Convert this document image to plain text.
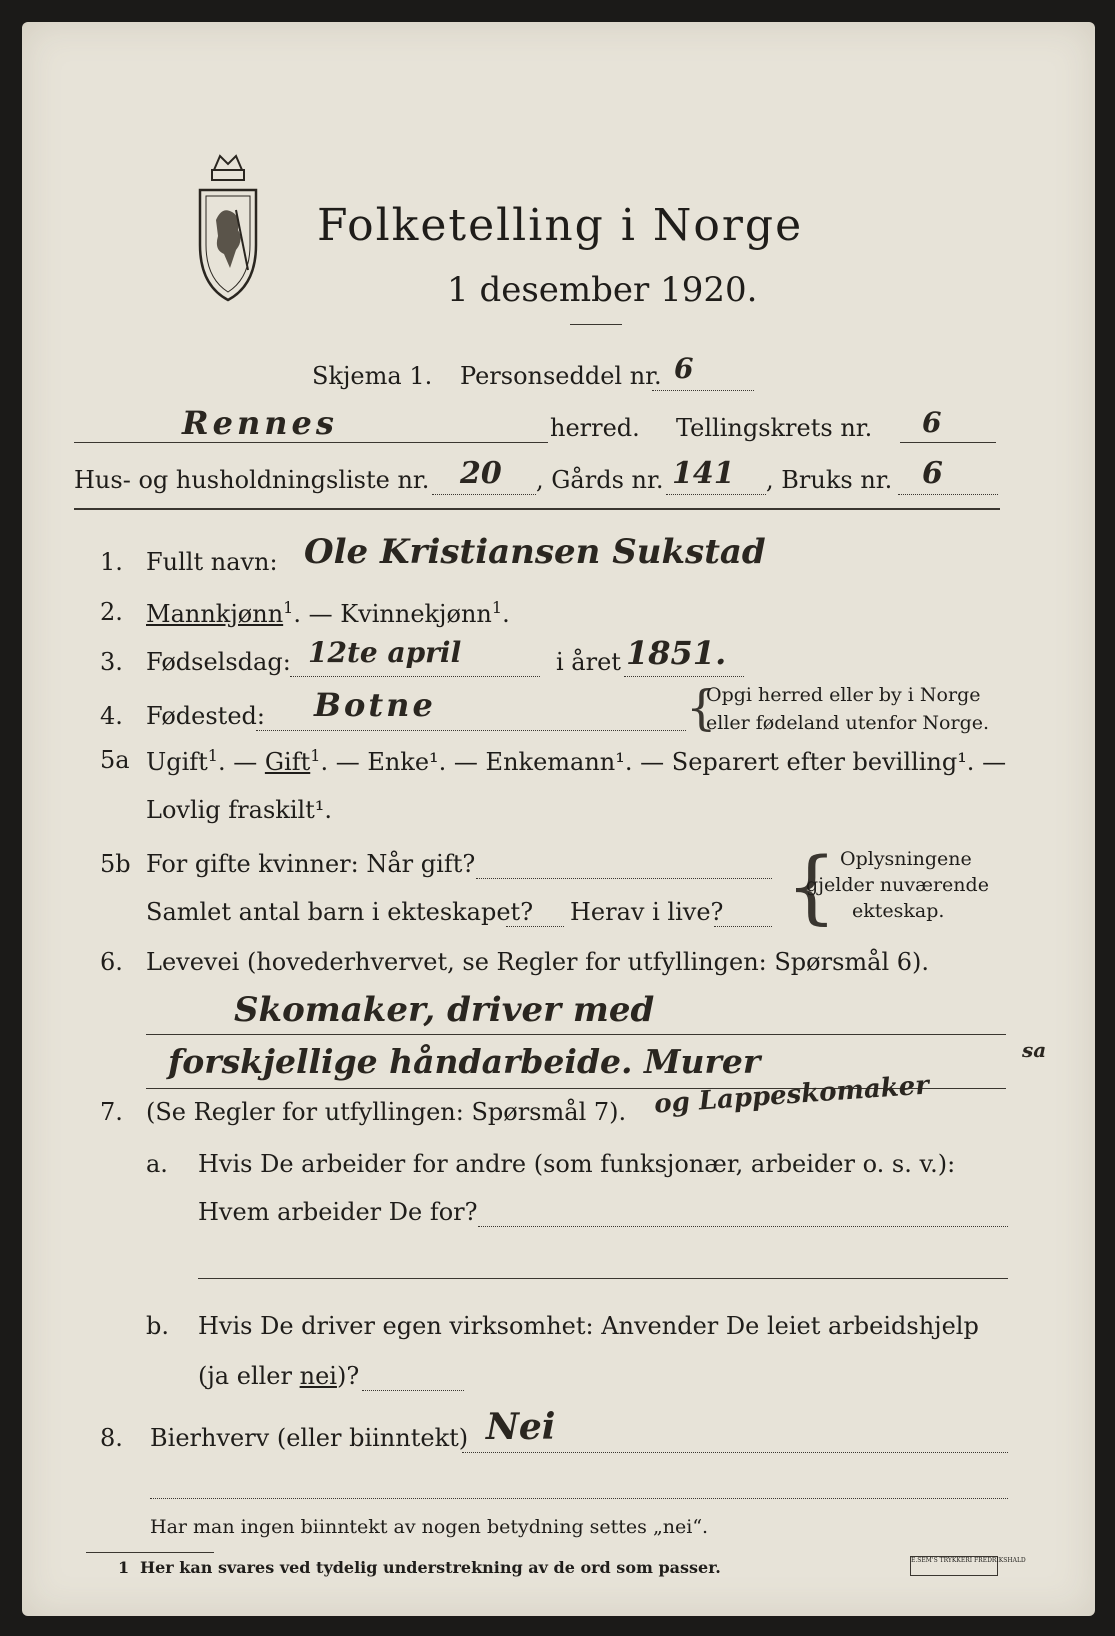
Folketelling i Norge
1 desember 1920.
Skjema 1. Personseddel nr. 6
Rennes	herred. Tellingskrets nr. 6
Hus- og husholdningsliste nr. 20 , Gårds nr. 141 , Bruks nr. 6
1. Fullt navn: Ole Kristiansen Sukstad
2. Mannkjønn$^1$. — Kvinnekjønn$^1$.
3. Fødselsdag: 12te april	i året 1851.
4. Fødested: Botne	{
Opgi herred eller by i Norge
eller fødeland utenfor Norge.
5a Ugift$^1$. — Gift$^1$. — Enke¹. — Enkemann¹. — Separert efter bevilling¹. —
Lovlig fraskilt¹.
5b For gifte kvinner: Når gift?
Samlet antal barn i ekteskapet? Herav i live? { Oplysningene
gjelder nuværende
ekteskap.
6. Levevei (hovederhvervet, se Regler for utfyllingen: Spørsmål 6).
Skomaker, driver med
forskjellige håndarbeide. Murer	sa
7. (Se Regler for utfyllingen: Spørsmål 7). og Lappeskomaker
a. Hvis De arbeider for andre (som funksjonær, arbeider o. s. v.):
Hvem arbeider De for?
b. Hvis De driver egen virksomhet: Anvender De leiet arbeidshjelp
(ja eller nei)?
8. Bierhverv (eller biinntekt) Nei
Har man ingen biinntekt av nogen betydning settes „nei“.
1 Her kan svares ved tydelig understrekning av de ord som passer.	E.SEM'S TRYKKERI FREDRIKSHALD
